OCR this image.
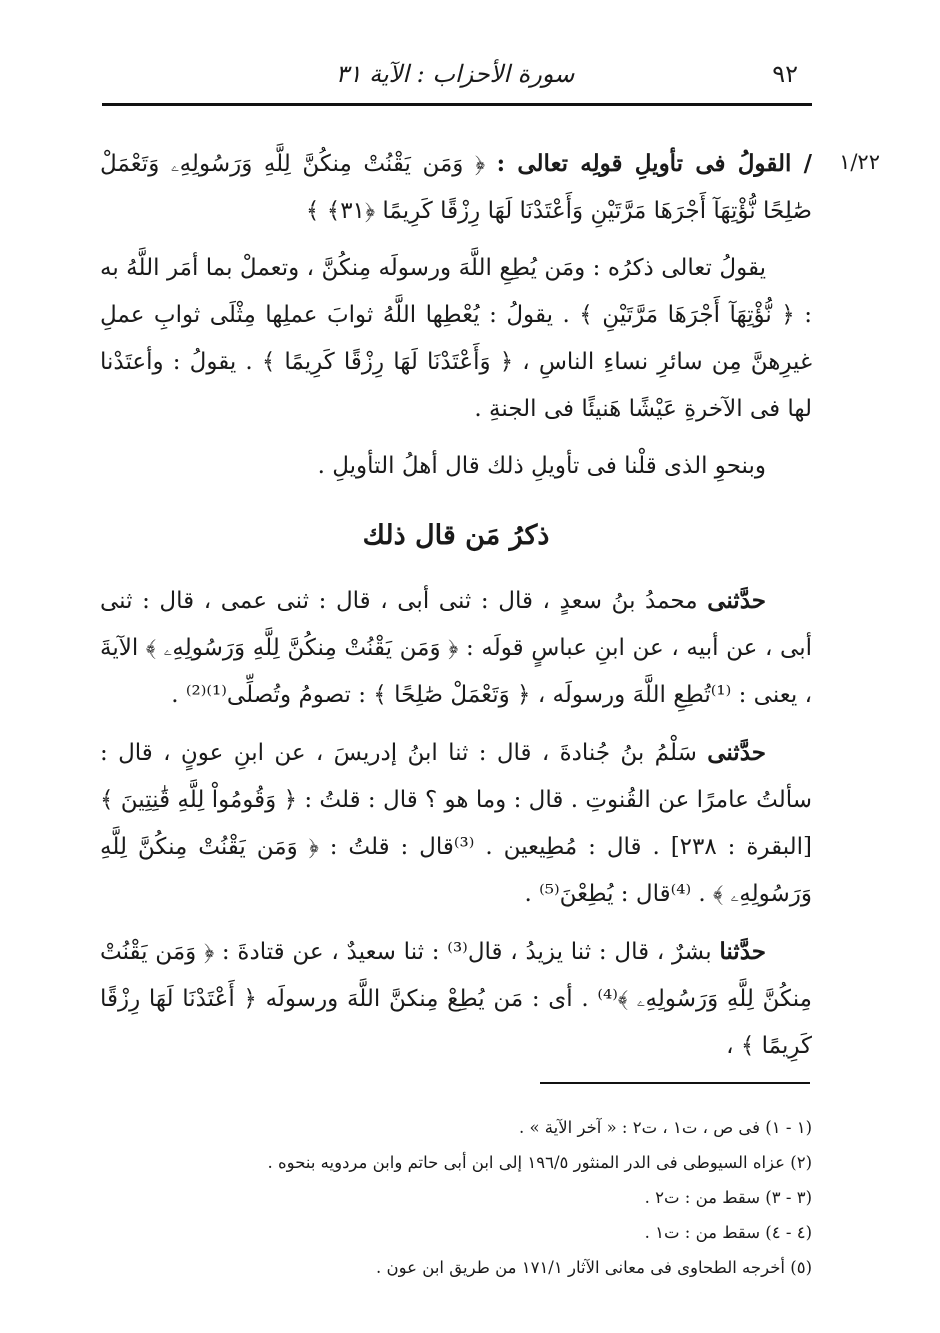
٩٢
سورة الأحزاب : الآية ٣١
١/٢٢

/ القولُ فى تأويلِ قولِه تعالى : ﴿ وَمَن يَقْنُتْ مِنكُنَّ لِلَّهِ وَرَسُولِهِۦ وَتَعْمَلْ صَٰلِحًا نُّؤْتِهَآ أَجْرَهَا مَرَّتَيْنِ وَأَعْتَدْنَا لَهَا رِزْقًا كَرِيمًا ﴿٣١﴾ ﴾

يقولُ تعالى ذكرُه : ومَن يُطِعِ اللَّهَ ورسولَه مِنكُنَّ ، وتعملْ بما أمَر اللَّهُ به : ﴿ نُّؤْتِهَآ أَجْرَهَا مَرَّتَيْنِ ﴾ . يقولُ : يُعْطِها اللَّهُ ثوابَ عملِها مِثْلَى ثوابِ عملِ غيرِهنَّ مِن سائرِ نساءِ الناسِ ، ﴿ وَأَعْتَدْنَا لَهَا رِزْقًا كَرِيمًا ﴾ . يقولُ : وأعتَدْنا لها فى الآخرةِ عَيْشًا هَنيئًا فى الجنةِ .

وبنحوِ الذى قلْنا فى تأويلِ ذلك قال أهلُ التأويلِ .

ذكرُ مَن قال ذلك

حدَّثنى محمدُ بنُ سعدٍ ، قال : ثنى أبى ، قال : ثنى عمى ، قال : ثنى أبى ، عن أبيه ، عن ابنِ عباسٍ قولَه : ﴿ وَمَن يَقْنُتْ مِنكُنَّ لِلَّهِ وَرَسُولِهِۦ ﴾ الآيةَ ، يعنى : ⁽¹⁾تُطِعِ اللَّهَ ورسولَه ، ﴿ وَتَعْمَلْ صَٰلِحًا ﴾ : تصومُ وتُصلِّى⁽¹⁾⁽²⁾ .

حدَّثنى سَلْمُ بنُ جُنادةَ ، قال : ثنا ابنُ إدريسَ ، عن ابنِ عونٍ ، قال : سألتُ عامرًا عن القُنوتِ . قال : وما هو ؟ قال : قلتُ : ﴿ وَقُومُواْ لِلَّهِ قَٰنِتِينَ ﴾ [البقرة : ٢٣٨] . قال : مُطِيعين . ⁽³⁾قال : قلتُ : ﴿ وَمَن يَقْنُتْ مِنكُنَّ لِلَّهِ وَرَسُولِهِۦ ﴾ . ⁽⁴⁾قال : يُطِعْنَ⁽⁵⁾ .

حدَّثنا بشرٌ ، قال : ثنا يزيدُ ، قال⁽³⁾ : ثنا سعيدٌ ، عن قتادةَ : ﴿ وَمَن يَقْنُتْ مِنكُنَّ لِلَّهِ وَرَسُولِهِۦ ﴾⁽⁴⁾ . أى : مَن يُطِعْ مِنكنَّ اللَّهَ ورسولَه ﴿ أَعْتَدْنَا لَهَا رِزْقًا كَرِيمًا ﴾ ،

(١ - ١) فى ص ، ت١ ، ت٢ : « آخر الآية » .
(٢) عزاه السيوطى فى الدر المنثور ١٩٦/٥ إلى ابن أبى حاتم وابن مردويه بنحوه .
(٣ - ٣) سقط من : ت٢ .
(٤ - ٤) سقط من : ت١ .
(٥) أخرجه الطحاوى فى معانى الآثار ١٧١/١ من طريق ابن عون .
